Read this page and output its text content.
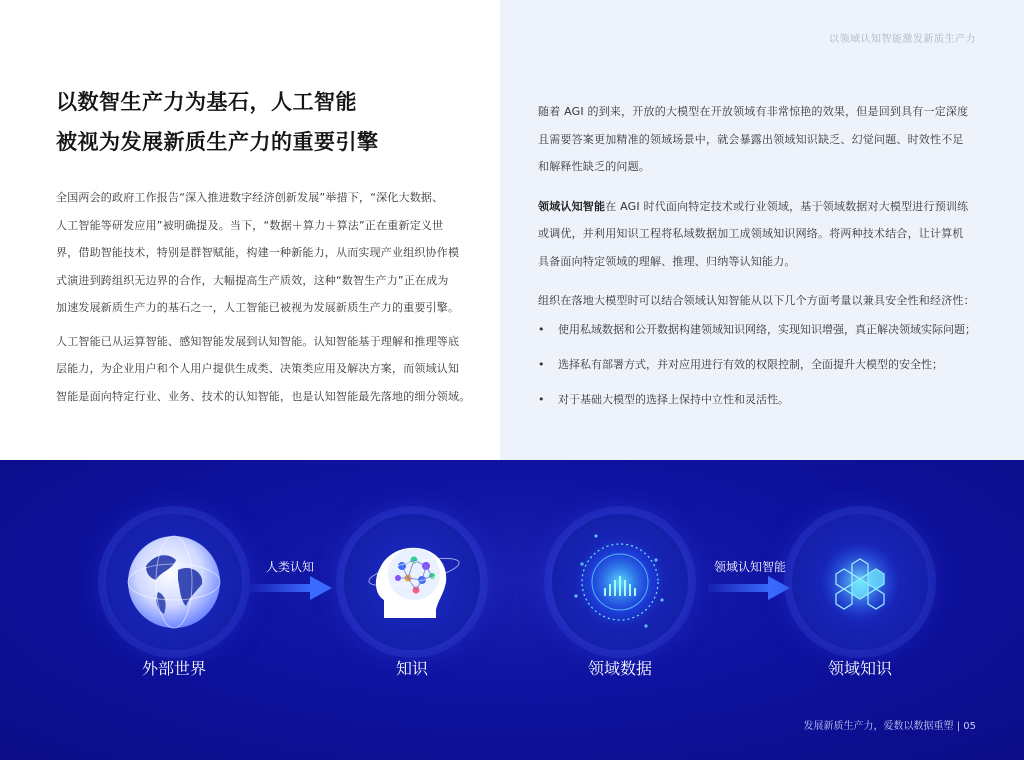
以领域认知智能激发新质生产力
以数智生产力为基石，人工智能
被视为发展新质生产力的重要引擎

全国两会的政府工作报告“深入推进数字经济创新发展”举措下，“深化大数据、
人工智能等研发应用”被明确提及。当下，“数据＋算力＋算法”正在重新定义世
界，借助智能技术，特别是群智赋能，构建一种新能力，从而实现产业组织协作模
式演进到跨组织无边界的合作，大幅提高生产质效，这种“数智生产力”正在成为
加速发展新质生产力的基石之一，人工智能已被视为发展新质生产力的重要引擎。

人工智能已从运算智能、感知智能发展到认知智能。认知智能基于理解和推理等底
层能力，为企业用户和个人用户提供生成类、决策类应用及解决方案，而领域认知
智能是面向特定行业、业务、技术的认知智能，也是认知智能最先落地的细分领域。

随着 AGI 的到来，开放的大模型在开放领域有非常惊艳的效果，但是回到具有一定深度
且需要答案更加精准的领域场景中，就会暴露出领域知识缺乏、幻觉问题、时效性不足
和解释性缺乏的问题。

领域认知智能在 AGI 时代面向特定技术或行业领域，基于领域数据对大模型进行预训练
或调优，并利用知识工程将私域数据加工成领域知识网络。将两种技术结合，让计算机
具备面向特定领域的理解、推理、归纳等认知能力。

组织在落地大模型时可以结合领域认知智能从以下几个方面考量以兼具安全性和经济性：

• 使用私域数据和公开数据构建领域知识网络，实现知识增强，真正解决领域实际问题；
• 选择私有部署方式，并对应用进行有效的权限控制，全面提升大模型的安全性；
• 对于基础大模型的选择上保持中立性和灵活性。
外部世界
人类认知
知识	领域数据
领域认知智能
领域知识
发展新质生产力，爱数以数据重塑 | 05
